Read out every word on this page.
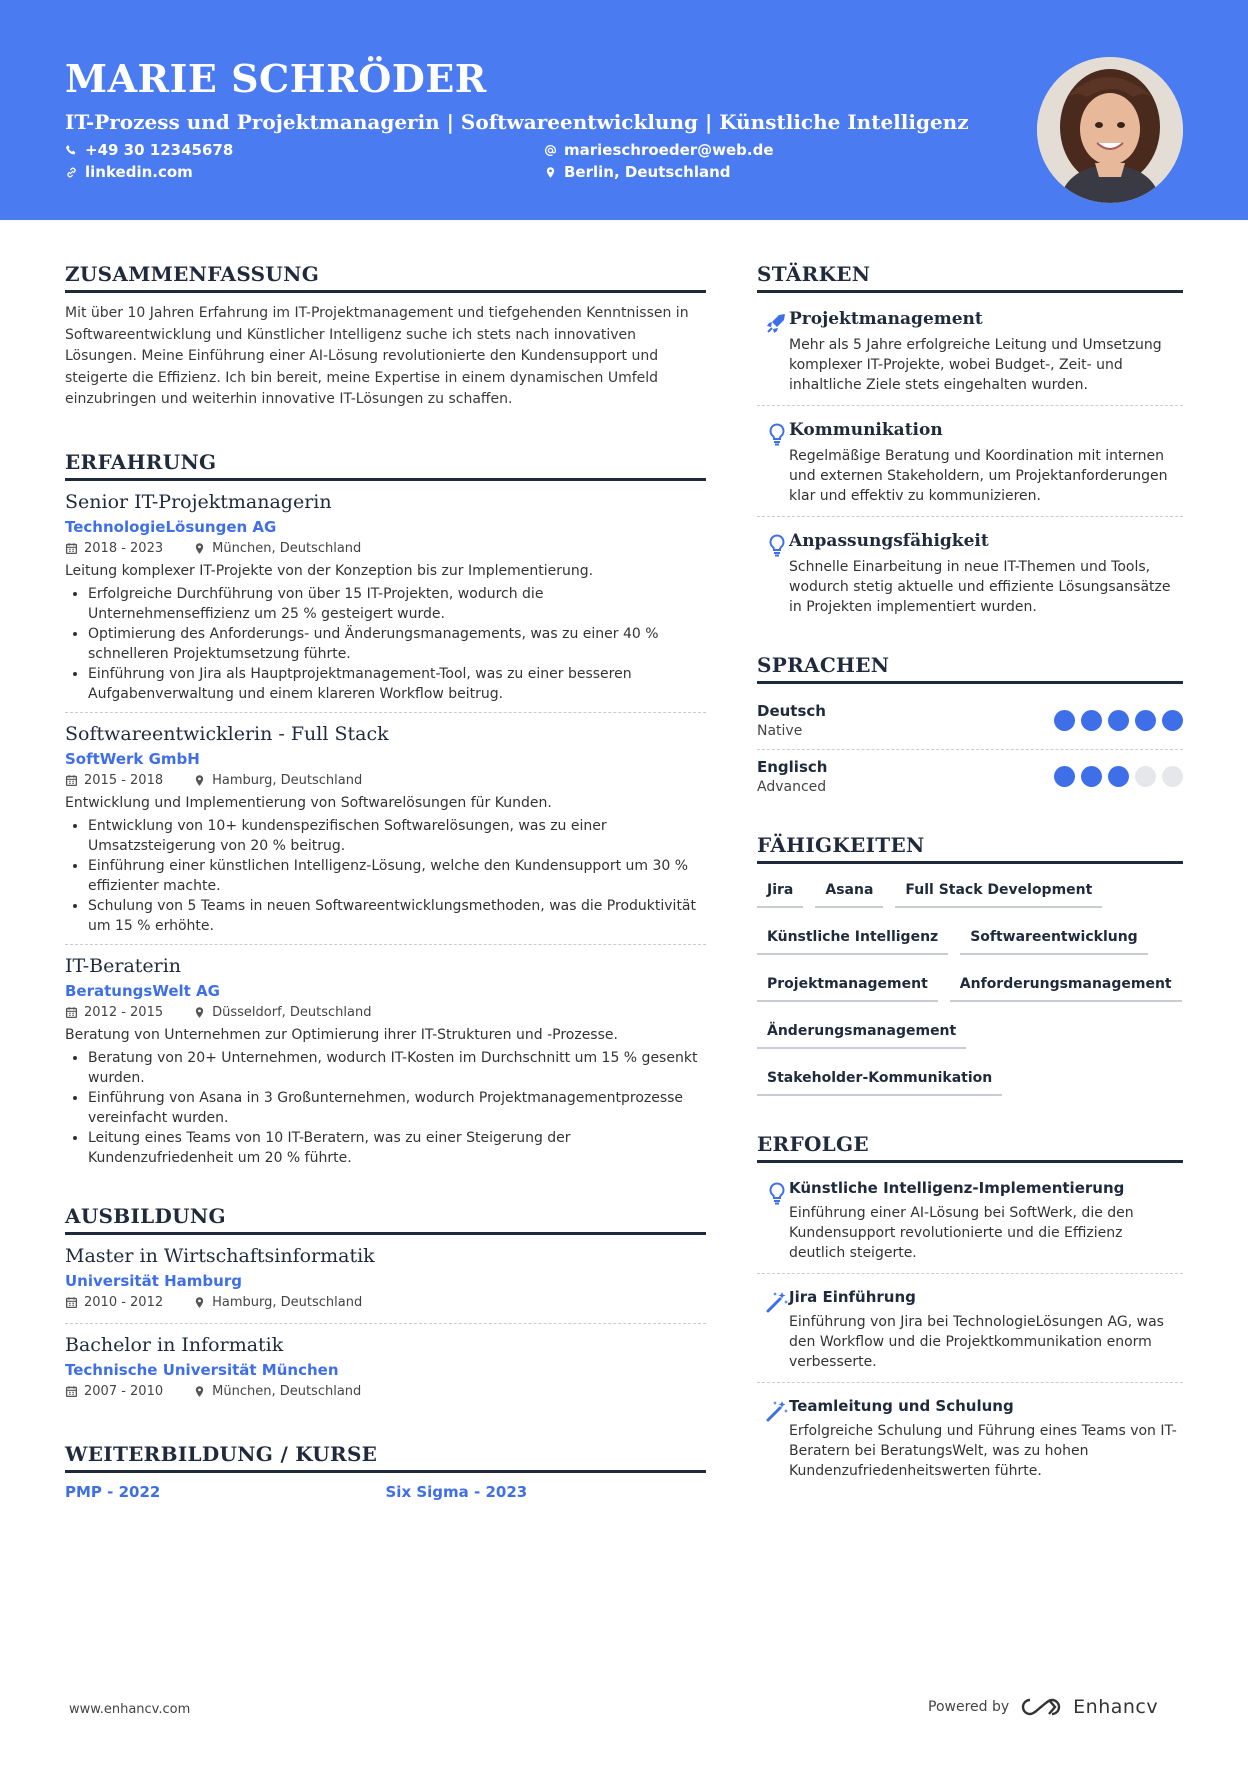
MARIE SCHRÖDER
IT-Prozess und Projektmanagerin | Softwareentwicklung | Künstliche Intelligenz
+49 30 12345678	marieschroeder@web.de
linkedin.com	Berlin, Deutschland
ZUSAMMENFASSUNG

Mit über 10 Jahren Erfahrung im IT-Projektmanagement und tiefgehenden Kenntnissen in Softwareentwicklung und Künstlicher Intelligenz suche ich stets nach innovativen Lösungen. Meine Einführung einer AI-Lösung revolutionierte den Kundensupport und steigerte die Effizienz. Ich bin bereit, meine Expertise in einem dynamischen Umfeld einzubringen und weiterhin innovative IT-Lösungen zu schaffen.

ERFAHRUNG
Senior IT-Projektmanagerin
TechnologieLösungen AG
2018 - 2023	München, Deutschland

Leitung komplexer IT-Projekte von der Konzeption bis zur Implementierung.

• Erfolgreiche Durchführung von über 15 IT-Projekten, wodurch die Unternehmenseffizienz um 25 % gesteigert wurde.
• Optimierung des Anforderungs- und Änderungsmanagements, was zu einer 40 % schnelleren Projektumsetzung führte.
• Einführung von Jira als Hauptprojektmanagement-Tool, was zu einer besseren Aufgabenverwaltung und einem klareren Workflow beitrug.
Softwareentwicklerin - Full Stack
SoftWerk GmbH
2015 - 2018	Hamburg, Deutschland

Entwicklung und Implementierung von Softwarelösungen für Kunden.

• Entwicklung von 10+ kundenspezifischen Softwarelösungen, was zu einer Umsatzsteigerung von 20 % beitrug.
• Einführung einer künstlichen Intelligenz-Lösung, welche den Kundensupport um 30 % effizienter machte.
• Schulung von 5 Teams in neuen Softwareentwicklungsmethoden, was die Produktivität um 15 % erhöhte.
IT-Beraterin
BeratungsWelt AG
2012 - 2015	Düsseldorf, Deutschland

Beratung von Unternehmen zur Optimierung ihrer IT-Strukturen und -Prozesse.

• Beratung von 20+ Unternehmen, wodurch IT-Kosten im Durchschnitt um 15 % gesenkt wurden.
• Einführung von Asana in 3 Großunternehmen, wodurch Projektmanagementprozesse vereinfacht wurden.
• Leitung eines Teams von 10 IT-Beratern, was zu einer Steigerung der Kundenzufriedenheit um 20 % führte.
AUSBILDUNG
Master in Wirtschaftsinformatik
Universität Hamburg
2010 - 2012	Hamburg, Deutschland
Bachelor in Informatik
Technische Universität München
2007 - 2010	München, Deutschland
WEITERBILDUNG / KURSE
PMP - 2022	Six Sigma - 2023
STÄRKEN
Projektmanagement

Mehr als 5 Jahre erfolgreiche Leitung und Umsetzung komplexer IT-Projekte, wobei Budget-, Zeit- und inhaltliche Ziele stets eingehalten wurden.

Kommunikation

Regelmäßige Beratung und Koordination mit internen und externen Stakeholdern, um Projektanforderungen klar und effektiv zu kommunizieren.

Anpassungsfähigkeit

Schnelle Einarbeitung in neue IT-Themen und Tools, wodurch stetig aktuelle und effiziente Lösungsansätze in Projekten implementiert wurden.

SPRACHEN
Deutsch
Native
Englisch
Advanced
FÄHIGKEITEN
Jira	Asana	Full Stack Development
Künstliche Intelligenz	Softwareentwicklung
Projektmanagement	Anforderungsmanagement
Änderungsmanagement
Stakeholder-Kommunikation
ERFOLGE
Künstliche Intelligenz-Implementierung

Einführung einer AI-Lösung bei SoftWerk, die den Kundensupport revolutionierte und die Effizienz deutlich steigerte.

Jira Einführung

Einführung von Jira bei TechnologieLösungen AG, was den Workflow und die Projektkommunikation enorm verbesserte.

Teamleitung und Schulung

Erfolgreiche Schulung und Führung eines Teams von IT-Beratern bei BeratungsWelt, was zu hohen Kundenzufriedenheitswerten führte.

www.enhancv.com	Powered by	Enhancv
